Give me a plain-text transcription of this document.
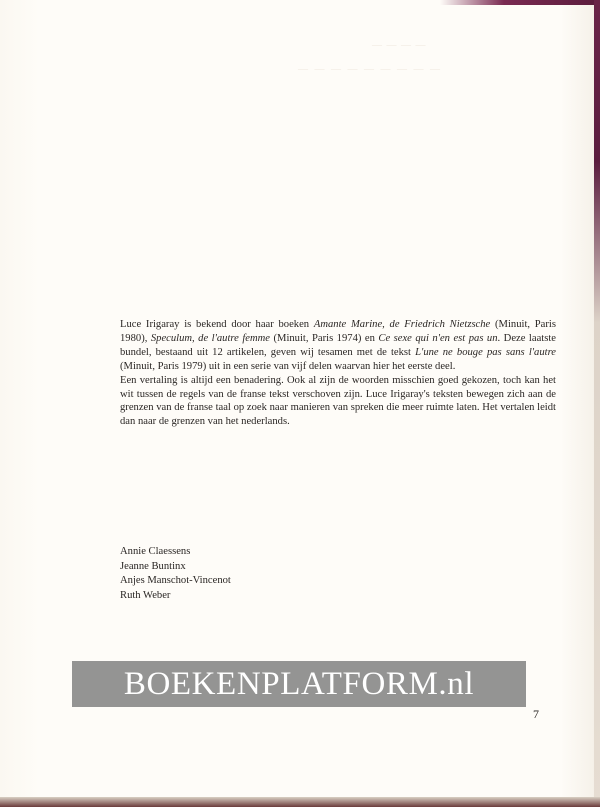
— — — —
— — — — — — — — —

Luce Irigaray is bekend door haar boeken Amante Marine, de Friedrich Nietzsche (Minuit, Paris 1980), Speculum, de l'autre femme (Minuit, Paris 1974) en Ce sexe qui n'en est pas un. Deze laatste bundel, bestaand uit 12 artikelen, geven wij tesamen met de tekst L'une ne bouge pas sans l'autre (Minuit, Paris 1979) uit in een serie van vijf delen waarvan hier het eerste deel.

Een vertaling is altijd een benadering. Ook al zijn de woorden misschien goed gekozen, toch kan het wit tussen de regels van de franse tekst verschoven zijn. Luce Irigaray's teksten bewegen zich aan de grenzen van de franse taal op zoek naar manieren van spreken die meer ruimte laten. Het vertalen leidt dan naar de grenzen van het nederlands.

Annie Claessens
Jeanne Buntinx
Anjes Manschot-Vincenot
Ruth Weber
BOEKENPLATFORM.nl
7
